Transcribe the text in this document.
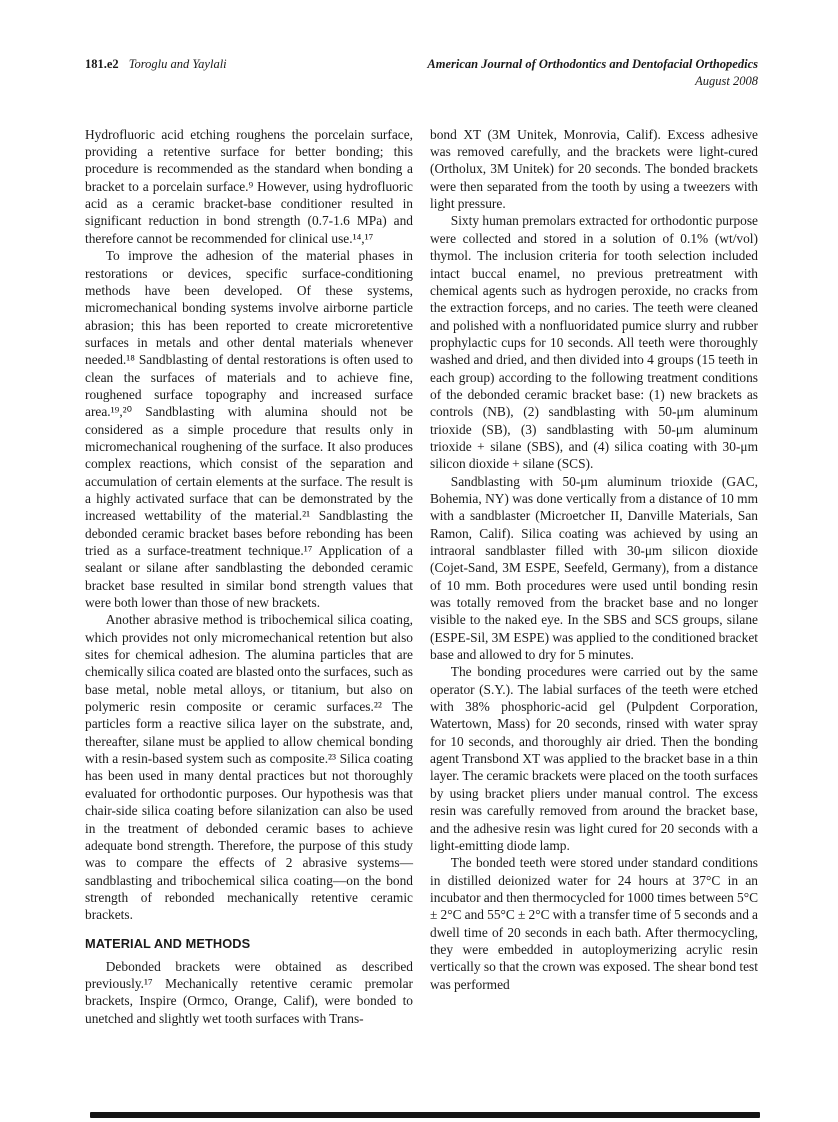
181.e2 Toroglu and Yaylali	American Journal of Orthodontics and Dentofacial Orthopedics
August 2008

Hydrofluoric acid etching roughens the porcelain surface, providing a retentive surface for better bonding; this procedure is recommended as the standard when bonding a bracket to a porcelain surface.⁹ However, using hydrofluoric acid as a ceramic bracket-base conditioner resulted in significant reduction in bond strength (0.7-1.6 MPa) and therefore cannot be recommended for clinical use.¹⁴,¹⁷

To improve the adhesion of the material phases in restorations or devices, specific surface-conditioning methods have been developed. Of these systems, micromechanical bonding systems involve airborne particle abrasion; this has been reported to create microretentive surfaces in metals and other dental materials whenever needed.¹⁸ Sandblasting of dental restorations is often used to clean the surfaces of materials and to achieve fine, roughened surface topography and increased surface area.¹⁹,²⁰ Sandblasting with alumina should not be considered as a simple procedure that results only in micromechanical roughening of the surface. It also produces complex reactions, which consist of the separation and accumulation of certain elements at the surface. The result is a highly activated surface that can be demonstrated by the increased wettability of the material.²¹ Sandblasting the debonded ceramic bracket bases before rebonding has been tried as a surface-treatment technique.¹⁷ Application of a sealant or silane after sandblasting the debonded ceramic bracket base resulted in similar bond strength values that were both lower than those of new brackets.

Another abrasive method is tribochemical silica coating, which provides not only micromechanical retention but also sites for chemical adhesion. The alumina particles that are chemically silica coated are blasted onto the surfaces, such as base metal, noble metal alloys, or titanium, but also on polymeric resin composite or ceramic surfaces.²² The particles form a reactive silica layer on the substrate, and, thereafter, silane must be applied to allow chemical bonding with a resin-based system such as composite.²³ Silica coating has been used in many dental practices but not thoroughly evaluated for orthodontic purposes. Our hypothesis was that chair-side silica coating before silanization can also be used in the treatment of debonded ceramic bases to achieve adequate bond strength. Therefore, the purpose of this study was to compare the effects of 2 abrasive systems—sandblasting and tribochemical silica coating—on the bond strength of rebonded mechanically retentive ceramic brackets.

MATERIAL AND METHODS

Debonded brackets were obtained as described previously.¹⁷ Mechanically retentive ceramic premolar brackets, Inspire (Ormco, Orange, Calif), were bonded to unetched and slightly wet tooth surfaces with Trans-

bond XT (3M Unitek, Monrovia, Calif). Excess adhesive was removed carefully, and the brackets were light-cured (Ortholux, 3M Unitek) for 20 seconds. The bonded brackets were then separated from the tooth by using a tweezers with light pressure.

Sixty human premolars extracted for orthodontic purpose were collected and stored in a solution of 0.1% (wt/vol) thymol. The inclusion criteria for tooth selection included intact buccal enamel, no previous pretreatment with chemical agents such as hydrogen peroxide, no cracks from the extraction forceps, and no caries. The teeth were cleaned and polished with a nonfluoridated pumice slurry and rubber prophylactic cups for 10 seconds. All teeth were thoroughly washed and dried, and then divided into 4 groups (15 teeth in each group) according to the following treatment conditions of the debonded ceramic bracket base: (1) new brackets as controls (NB), (2) sandblasting with 50-μm aluminum trioxide (SB), (3) sandblasting with 50-μm aluminum trioxide + silane (SBS), and (4) silica coating with 30-μm silicon dioxide + silane (SCS).

Sandblasting with 50-μm aluminum trioxide (GAC, Bohemia, NY) was done vertically from a distance of 10 mm with a sandblaster (Microetcher II, Danville Materials, San Ramon, Calif). Silica coating was achieved by using an intraoral sandblaster filled with 30-μm silicon dioxide (Cojet-Sand, 3M ESPE, Seefeld, Germany), from a distance of 10 mm. Both procedures were used until bonding resin was totally removed from the bracket base and no longer visible to the naked eye. In the SBS and SCS groups, silane (ESPE-Sil, 3M ESPE) was applied to the conditioned bracket base and allowed to dry for 5 minutes.

The bonding procedures were carried out by the same operator (S.Y.). The labial surfaces of the teeth were etched with 38% phosphoric-acid gel (Pulpdent Corporation, Watertown, Mass) for 20 seconds, rinsed with water spray for 10 seconds, and thoroughly air dried. Then the bonding agent Transbond XT was applied to the bracket base in a thin layer. The ceramic brackets were placed on the tooth surfaces by using bracket pliers under manual control. The excess resin was carefully removed from around the bracket base, and the adhesive resin was light cured for 20 seconds with a light-emitting diode lamp.

The bonded teeth were stored under standard conditions in distilled deionized water for 24 hours at 37°C in an incubator and then thermocycled for 1000 times between 5°C ± 2°C and 55°C ± 2°C with a transfer time of 5 seconds and a dwell time of 20 seconds in each bath. After thermocycling, they were embedded in autoploymerizing acrylic resin vertically so that the crown was exposed. The shear bond test was performed
